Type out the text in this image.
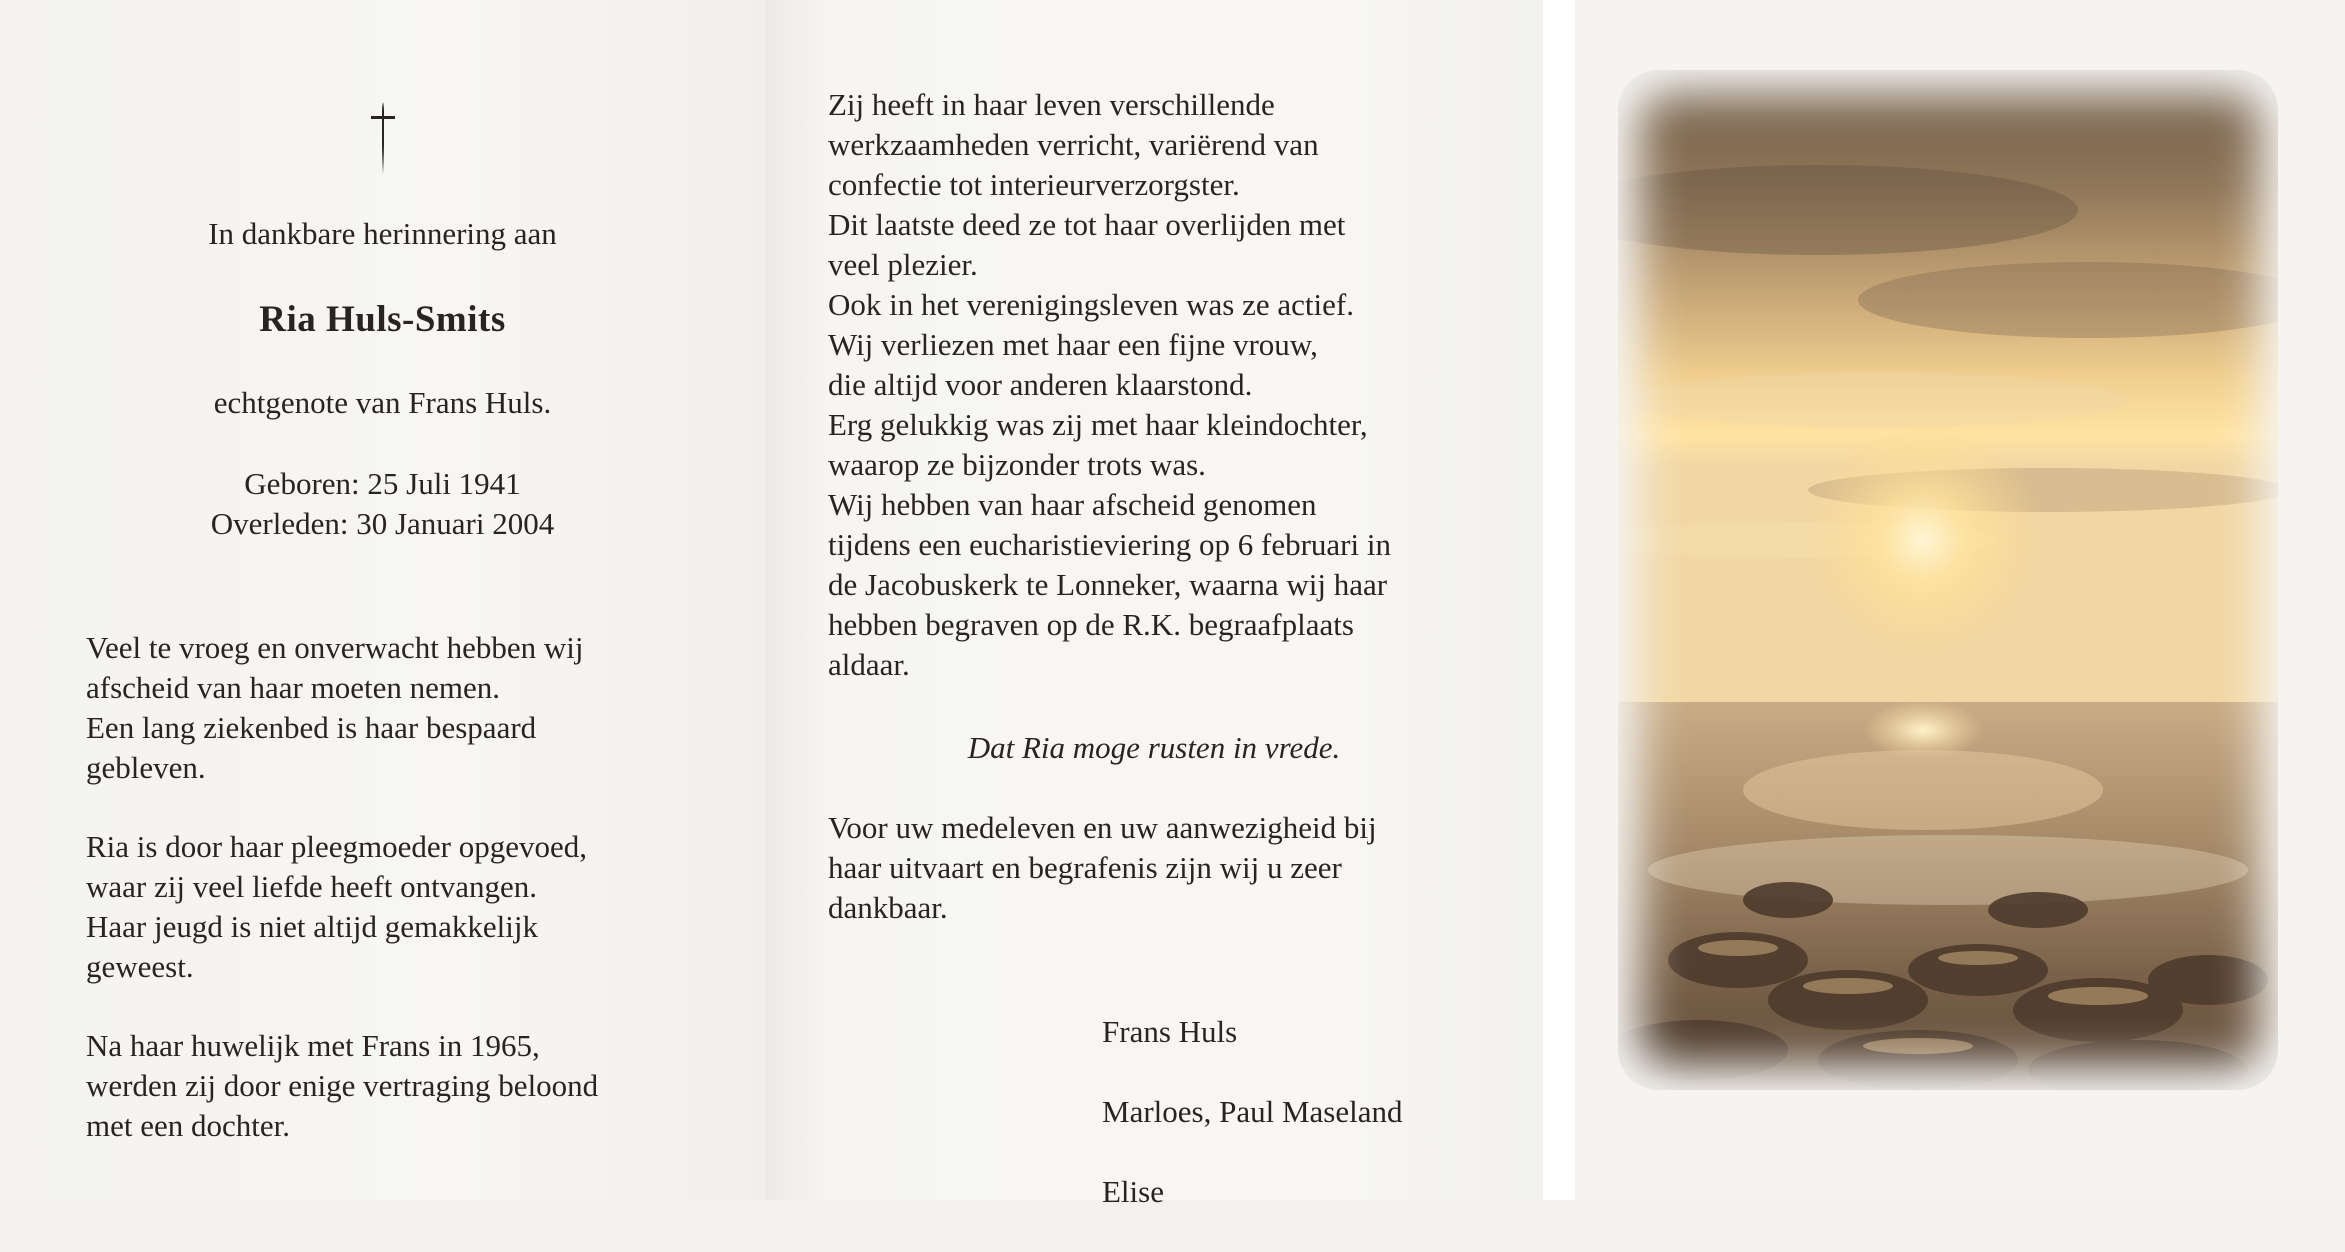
In dankbare herinnering aan
Ria Huls-Smits
echtgenote van Frans Huls.
Geboren: 25 Juli 1941
Overleden: 30 Januari 2004
Veel te vroeg en onverwacht hebben wij
afscheid van haar moeten nemen.
Een lang ziekenbed is haar bespaard
gebleven.
Ria is door haar pleegmoeder opgevoed,
waar zij veel liefde heeft ontvangen.
Haar jeugd is niet altijd gemakkelijk
geweest.
Na haar huwelijk met Frans in 1965,
werden zij door enige vertraging beloond
met een dochter.
Zij heeft in haar leven verschillende
werkzaamheden verricht, variërend van
confectie tot interieurverzorgster.
Dit laatste deed ze tot haar overlijden met
veel plezier.
Ook in het verenigingsleven was ze actief.
Wij verliezen met haar een fijne vrouw,
die altijd voor anderen klaarstond.
Erg gelukkig was zij met haar kleindochter,
waarop ze bijzonder trots was.
Wij hebben van haar afscheid genomen
tijdens een eucharistieviering op 6 februari in
de Jacobuskerk te Lonneker, waarna wij haar
hebben begraven op de R.K. begraafplaats
aldaar.
Dat Ria moge rusten in vrede.
Voor uw medeleven en uw aanwezigheid bij
haar uitvaart en begrafenis zijn wij u zeer
dankbaar.

Frans Huls

Marloes, Paul Maseland

Elise
